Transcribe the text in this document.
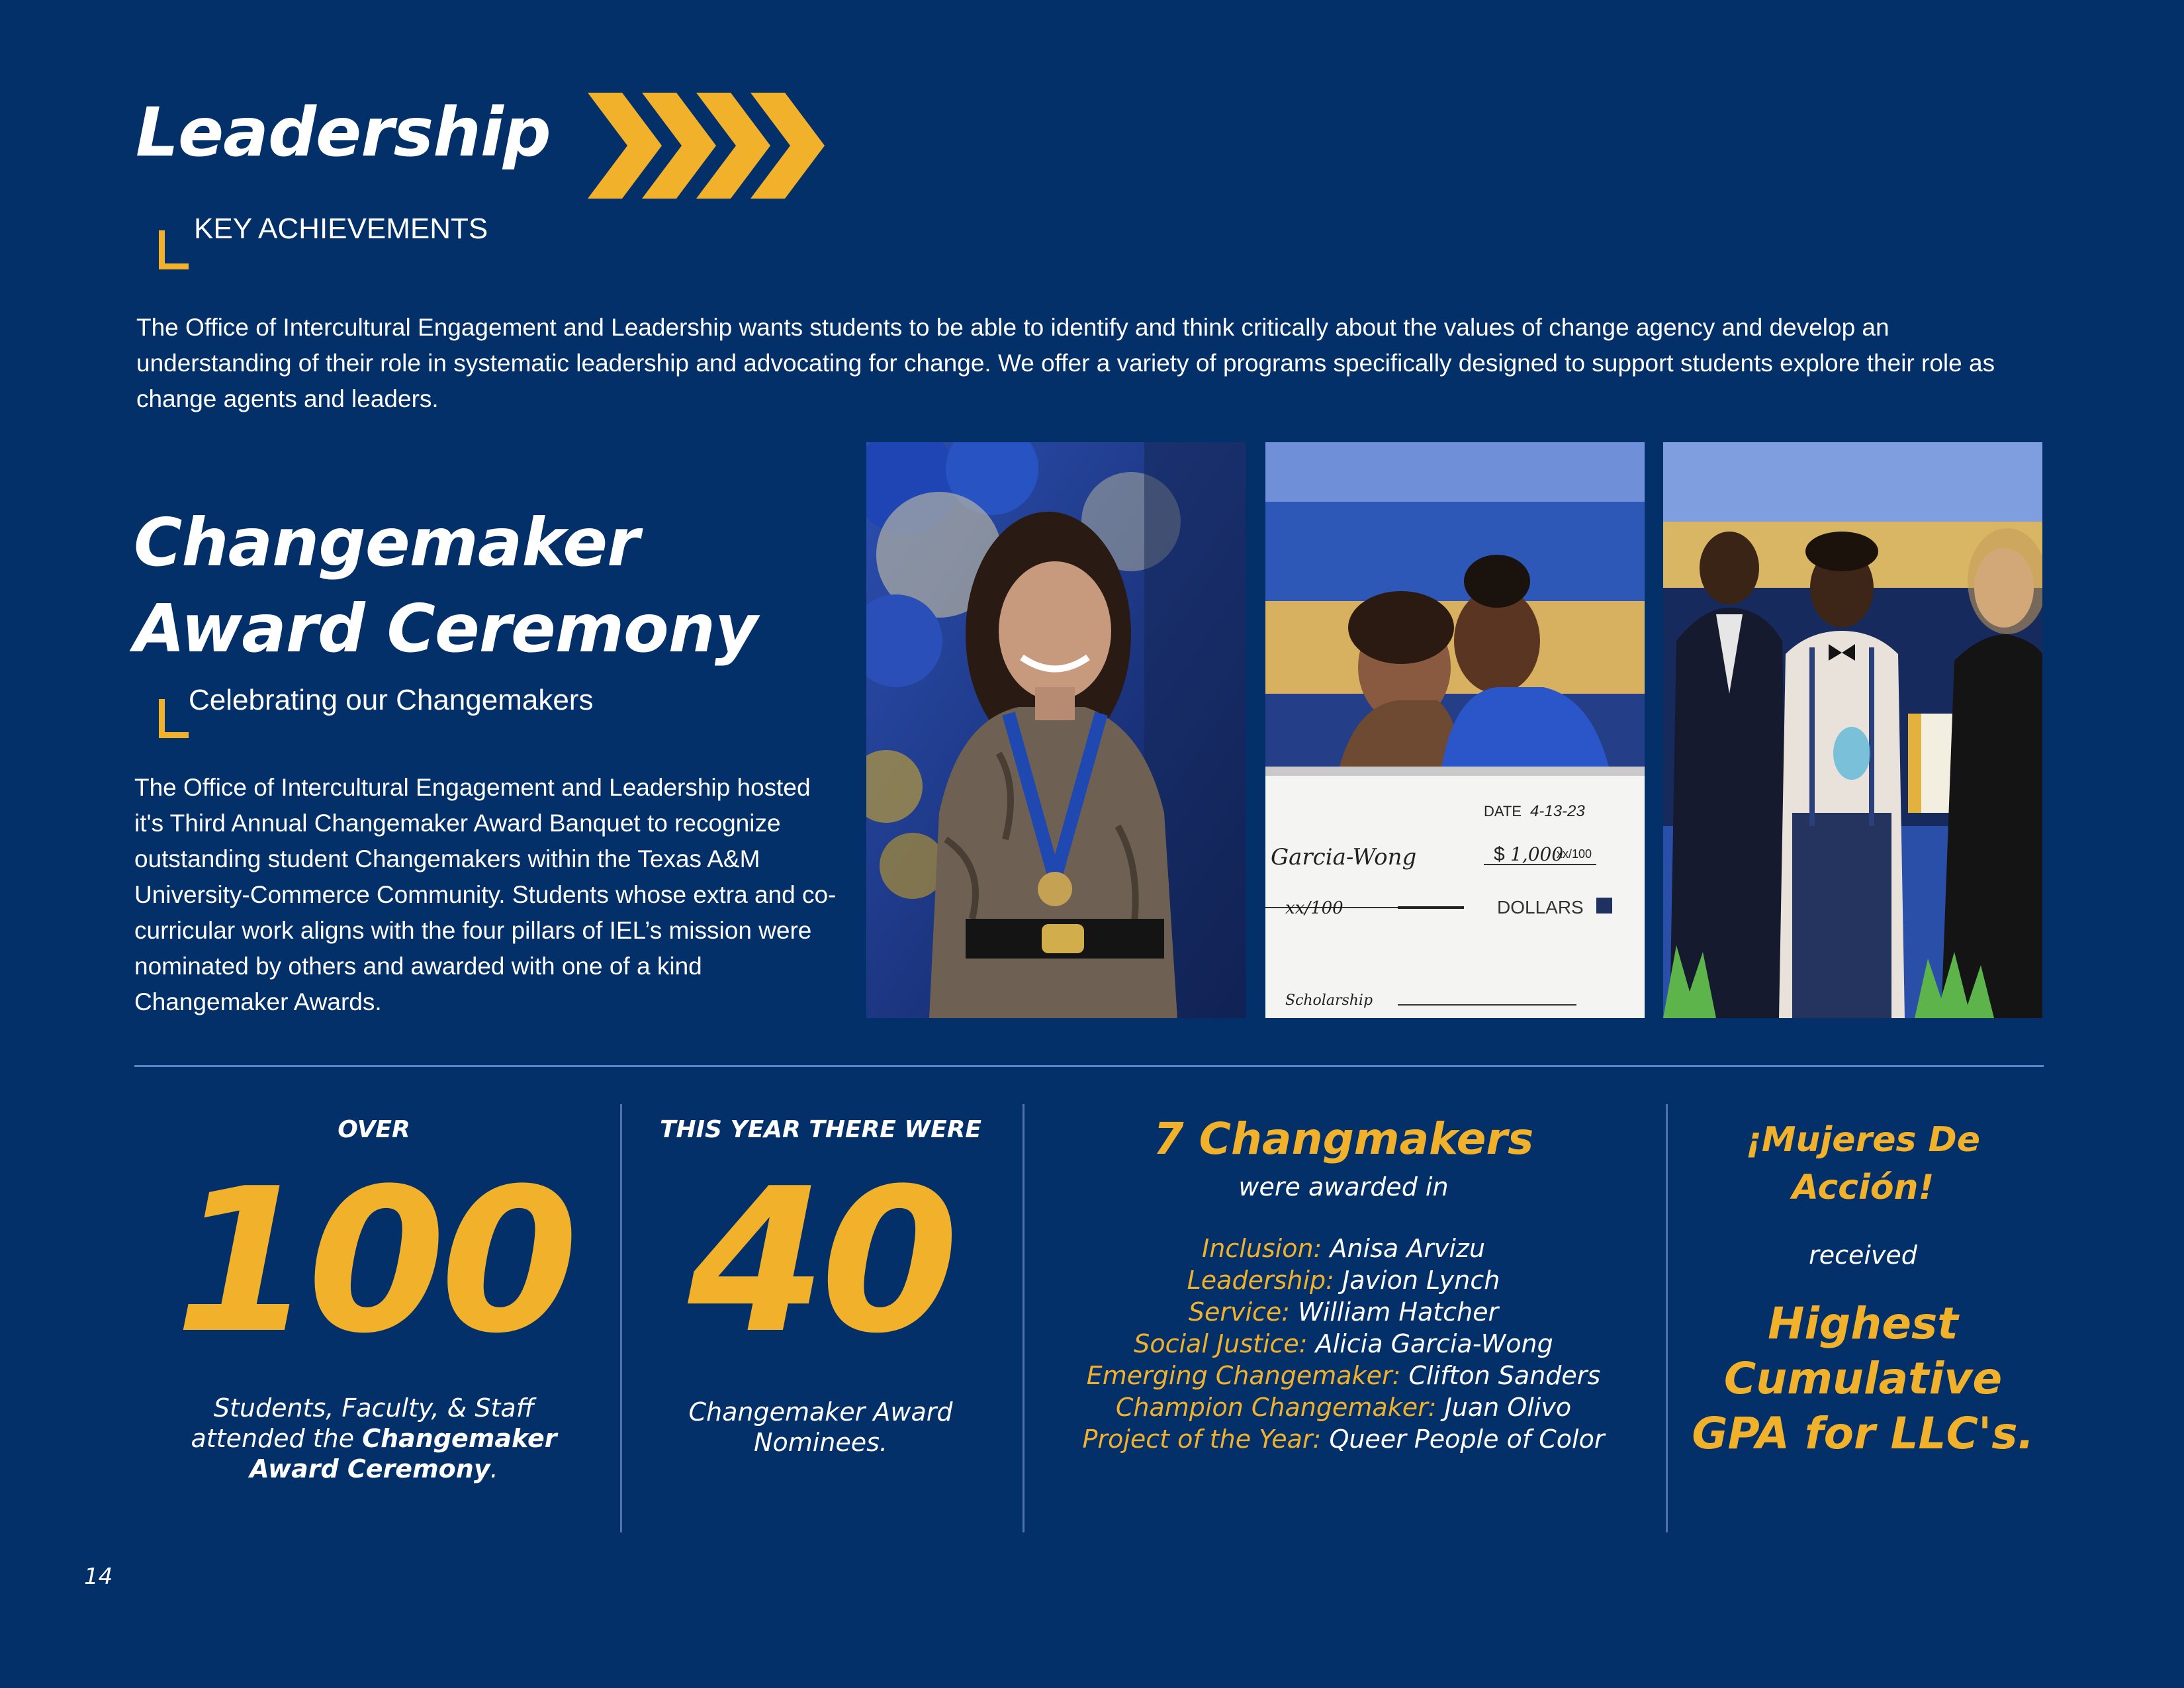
Leadership
KEY ACHIEVEMENTS
The Office of Intercultural Engagement and Leadership wants students to be able to identify and think critically about the values of change agency and develop an understanding of their role in systematic leadership and advocating for change. We offer a variety of programs specifically designed to support students explore their role as change agents and leaders.
Changemaker
Award Ceremony
Celebrating our Changemakers
The Office of Intercultural Engagement and Leadership hosted it's Third Annual Changemaker Award Banquet to recognize outstanding student Changemakers within the Texas A&M University-Commerce Community. Students whose extra and co-curricular work aligns with the four pillars of IEL’s mission were nominated by others and awarded with one of a kind Changemaker Awards.
DATE 4-13-23
Garcia-Wong	$ 1,000
xx/100
DOLLARS
xx/100
Scholarship
OVER
100
Students, Faculty, & Staff attended the Changemaker Award Ceremony.
THIS YEAR THERE WERE
40
Changemaker Award Nominees.
7 Changmakers
were awarded in
Inclusion: Anisa Arvizu
Leadership: Javion Lynch
Service: William Hatcher
Social Justice: Alicia Garcia-Wong
Emerging Changemaker: Clifton Sanders
Champion Changemaker: Juan Olivo
Project of the Year: Queer People of Color
¡Mujeres De
Acción!
received
Highest
Cumulative
GPA for LLC's.
14
